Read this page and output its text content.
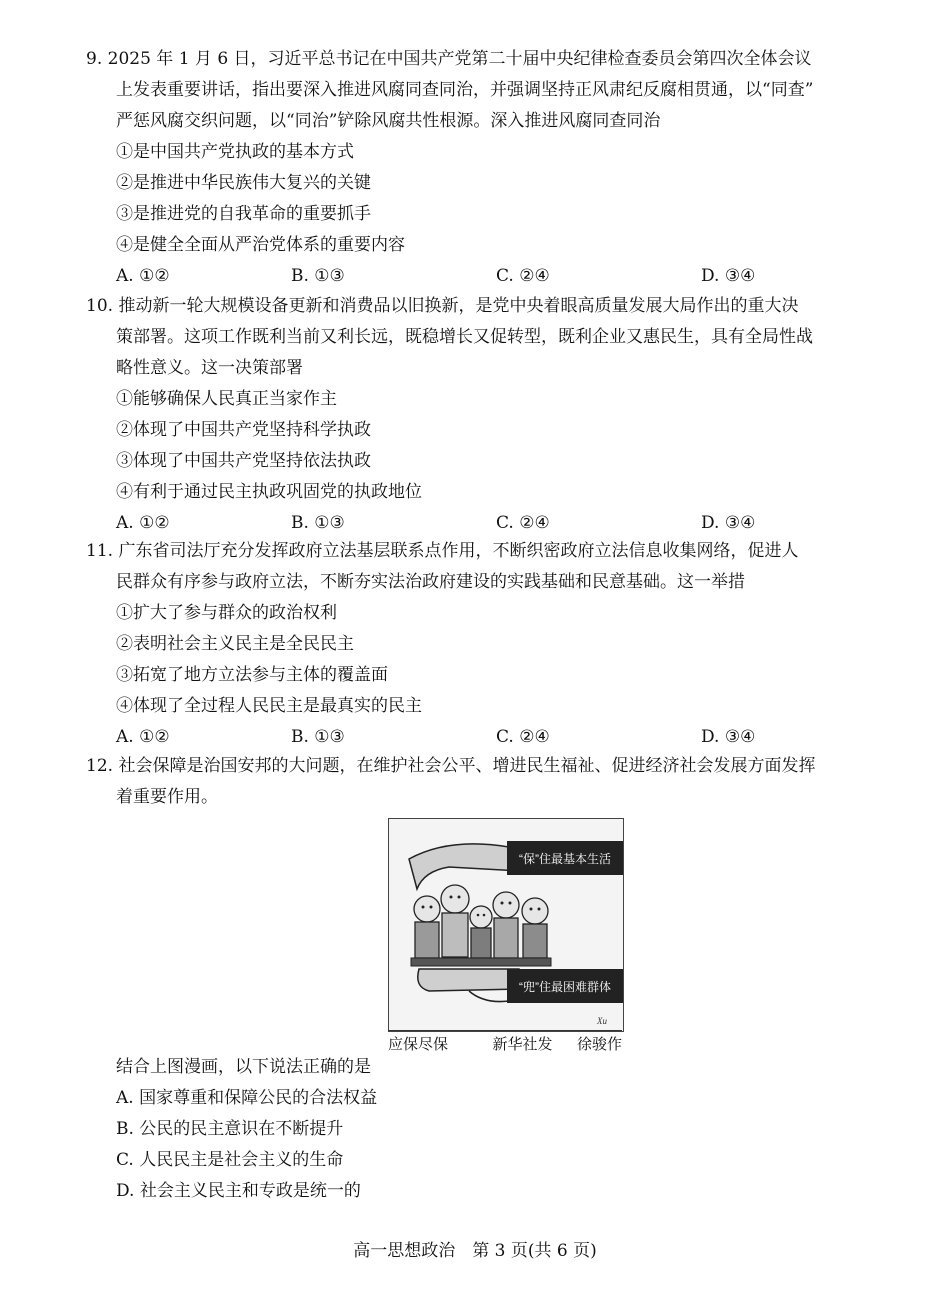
9. 2025 年 1 月 6 日，习近平总书记在中国共产党第二十届中央纪律检查委员会第四次全体会议
上发表重要讲话，指出要深入推进风腐同查同治，并强调坚持正风肃纪反腐相贯通，以“同查”
严惩风腐交织问题，以“同治”铲除风腐共性根源。深入推进风腐同查同治
①是中国共产党执政的基本方式
②是推进中华民族伟大复兴的关键
③是推进党的自我革命的重要抓手
④是健全全面从严治党体系的重要内容
A. ①②	B. ①③	C. ②④	D. ③④
10. 推动新一轮大规模设备更新和消费品以旧换新，是党中央着眼高质量发展大局作出的重大决
策部署。这项工作既利当前又利长远，既稳增长又促转型，既利企业又惠民生，具有全局性战
略性意义。这一决策部署
①能够确保人民真正当家作主
②体现了中国共产党坚持科学执政
③体现了中国共产党坚持依法执政
④有利于通过民主执政巩固党的执政地位
A. ①②	B. ①③	C. ②④	D. ③④
11. 广东省司法厅充分发挥政府立法基层联系点作用，不断织密政府立法信息收集网络，促进人
民群众有序参与政府立法，不断夯实法治政府建设的实践基础和民意基础。这一举措
①扩大了参与群众的政治权利
②表明社会主义民主是全民民主
③拓宽了地方立法参与主体的覆盖面
④体现了全过程人民民主是最真实的民主
A. ①②	B. ①③	C. ②④	D. ③④
12. 社会保障是治国安邦的大问题，在维护社会公平、增进民生福祉、促进经济社会发展方面发挥
着重要作用。
“保”住最基本生活
“兜”住最困难群体
Xu
应保尽保	新华社发 徐骏作
结合上图漫画，以下说法正确的是
A. 国家尊重和保障公民的合法权益
B. 公民的民主意识在不断提升
C. 人民民主是社会主义的生命
D. 社会主义民主和专政是统一的
高一思想政治　第 3 页(共 6 页)
